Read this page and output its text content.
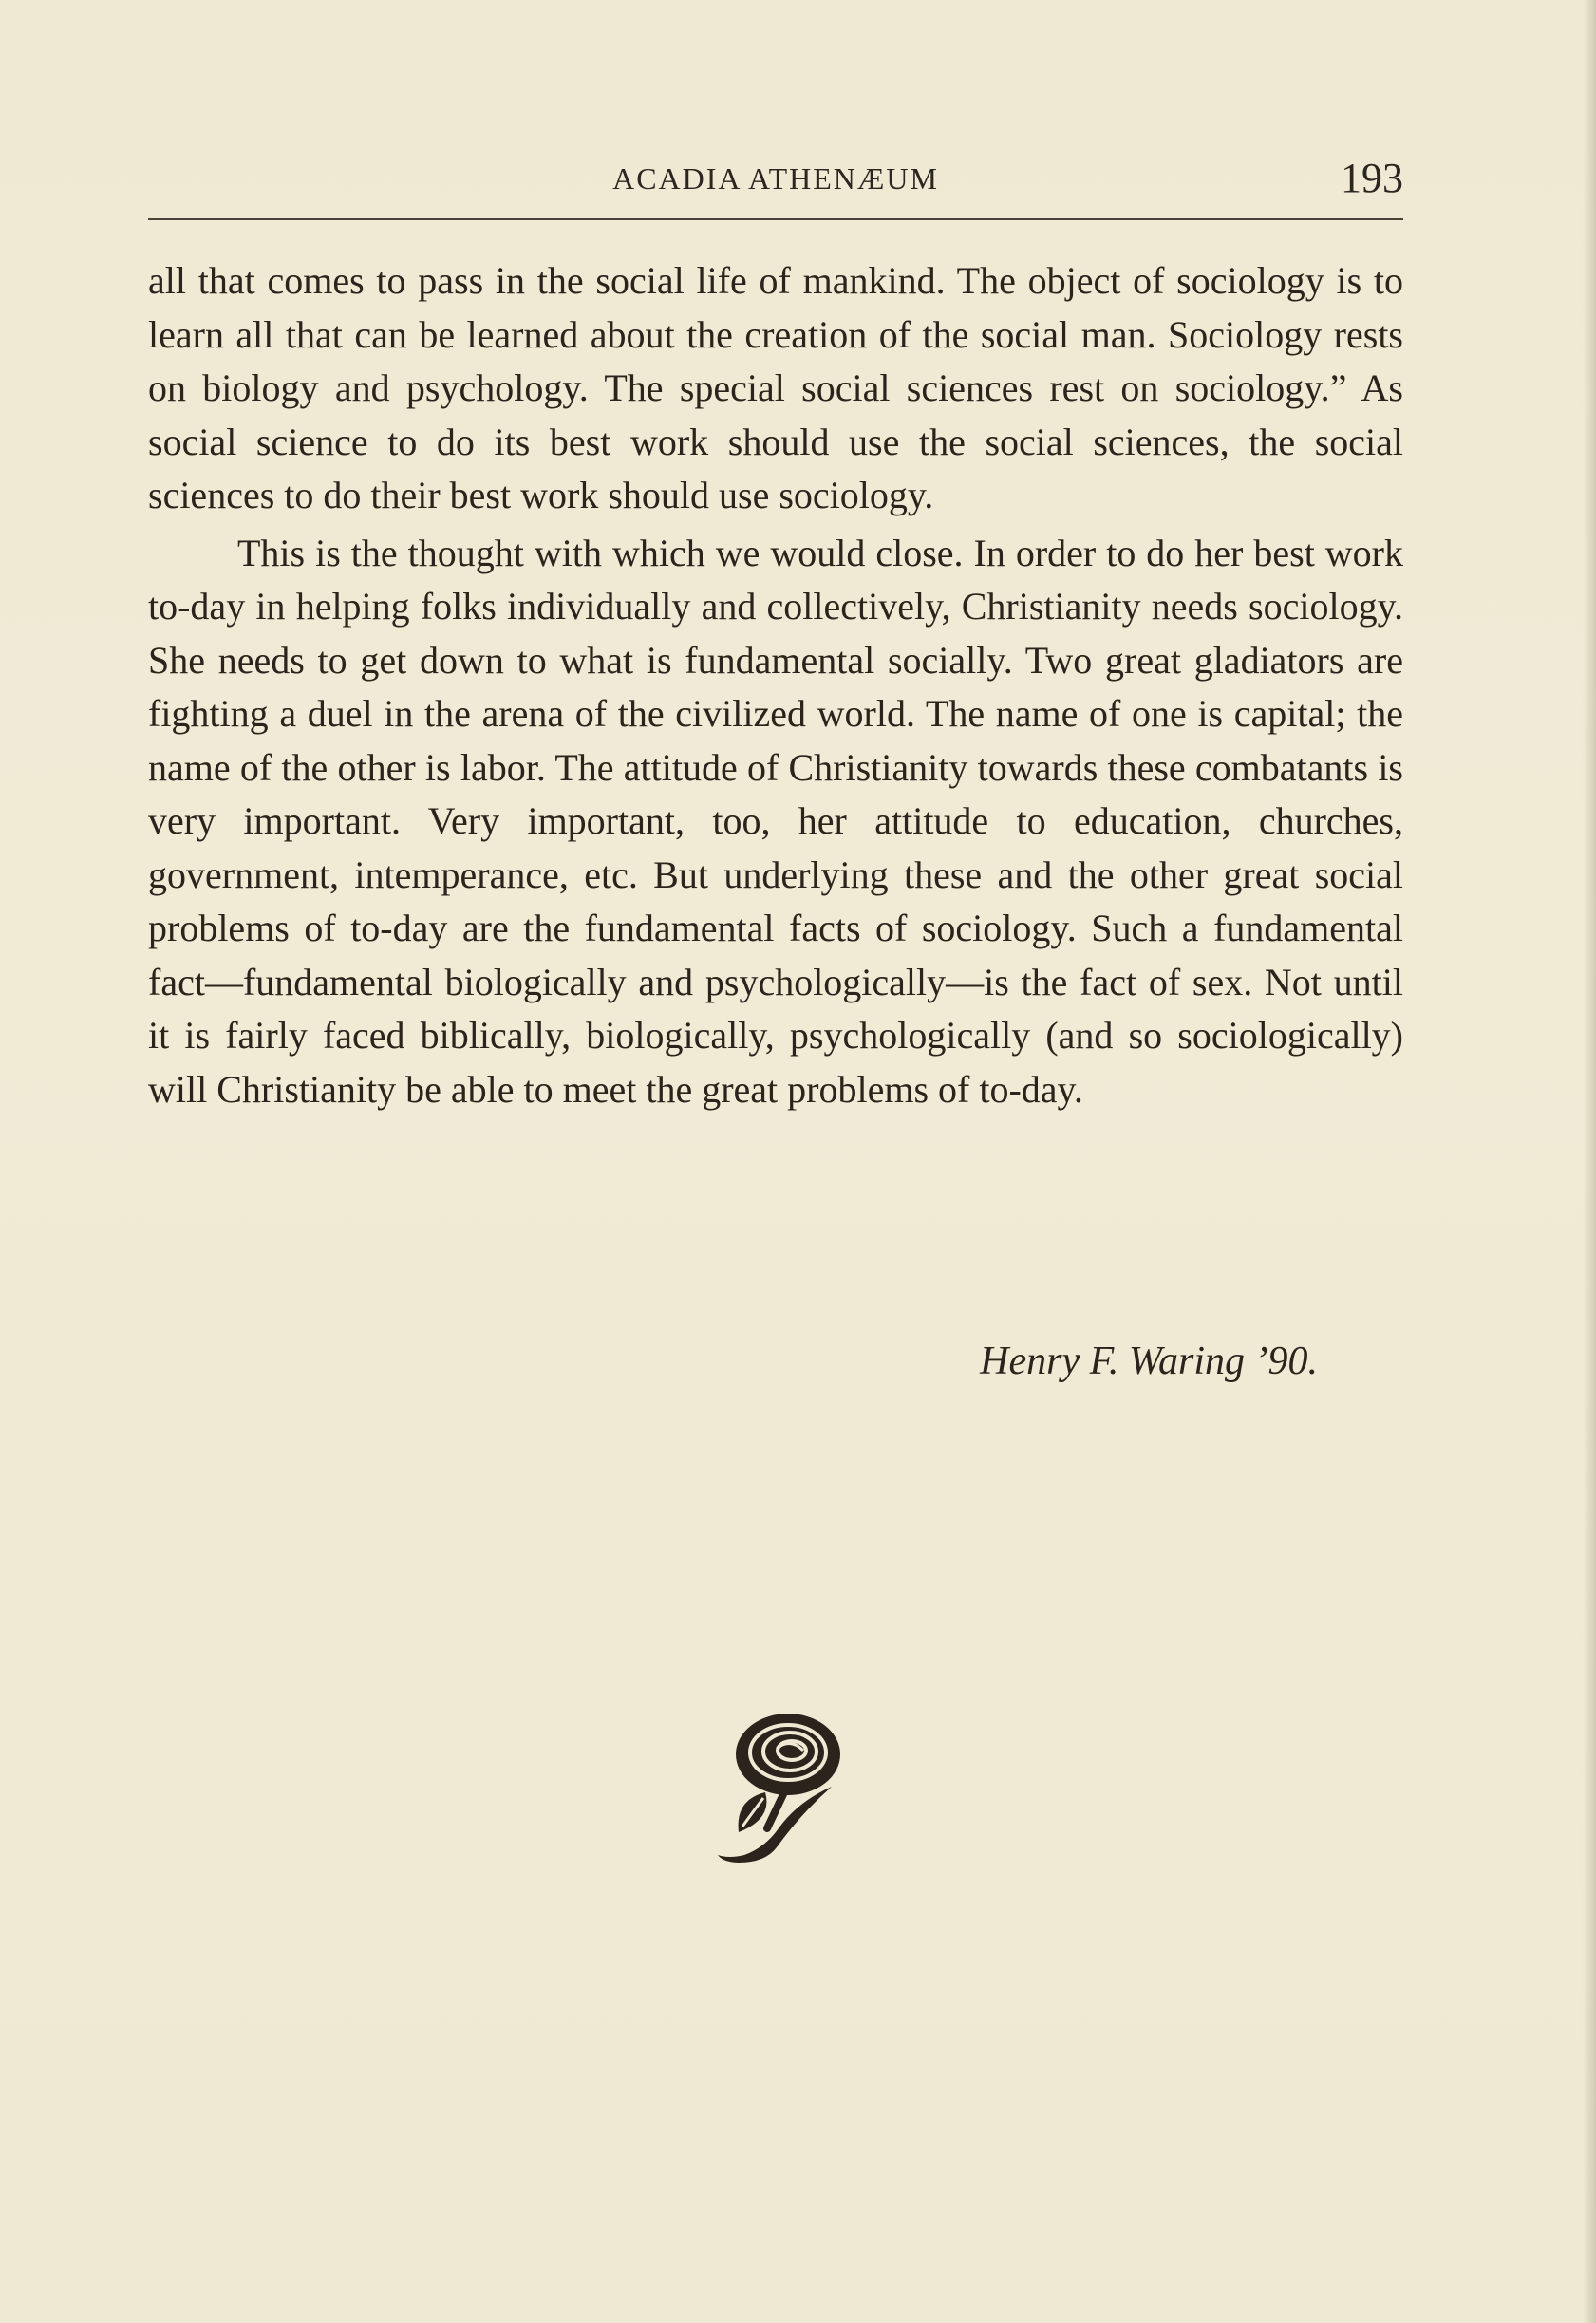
ACADIA ATHENÆUM	193

all that comes to pass in the social life of mankind. The object of sociology is to learn all that can be learned about the creation of the social man. Sociology rests on biology and psychology. The special social sciences rest on sociology.” As social science to do its best work should use the social sciences, the social sciences to do their best work should use sociology.

This is the thought with which we would close. In order to do her best work to-day in helping folks individually and collectively, Christianity needs sociology. She needs to get down to what is fundamental socially. Two great gladiators are fighting a duel in the arena of the civilized world. The name of one is capital; the name of the other is labor. The attitude of Christianity towards these combatants is very important. Very important, too, her attitude to education, churches, government, intemperance, etc. But underlying these and the other great social problems of to-day are the fundamental facts of sociology. Such a fundamental fact—fundamental biologically and psychologically—is the fact of sex. Not until it is fairly faced biblically, biologically, psychologically (and so sociologically) will Christianity be able to meet the great problems of to-day.

Henry F. Waring ’90.
